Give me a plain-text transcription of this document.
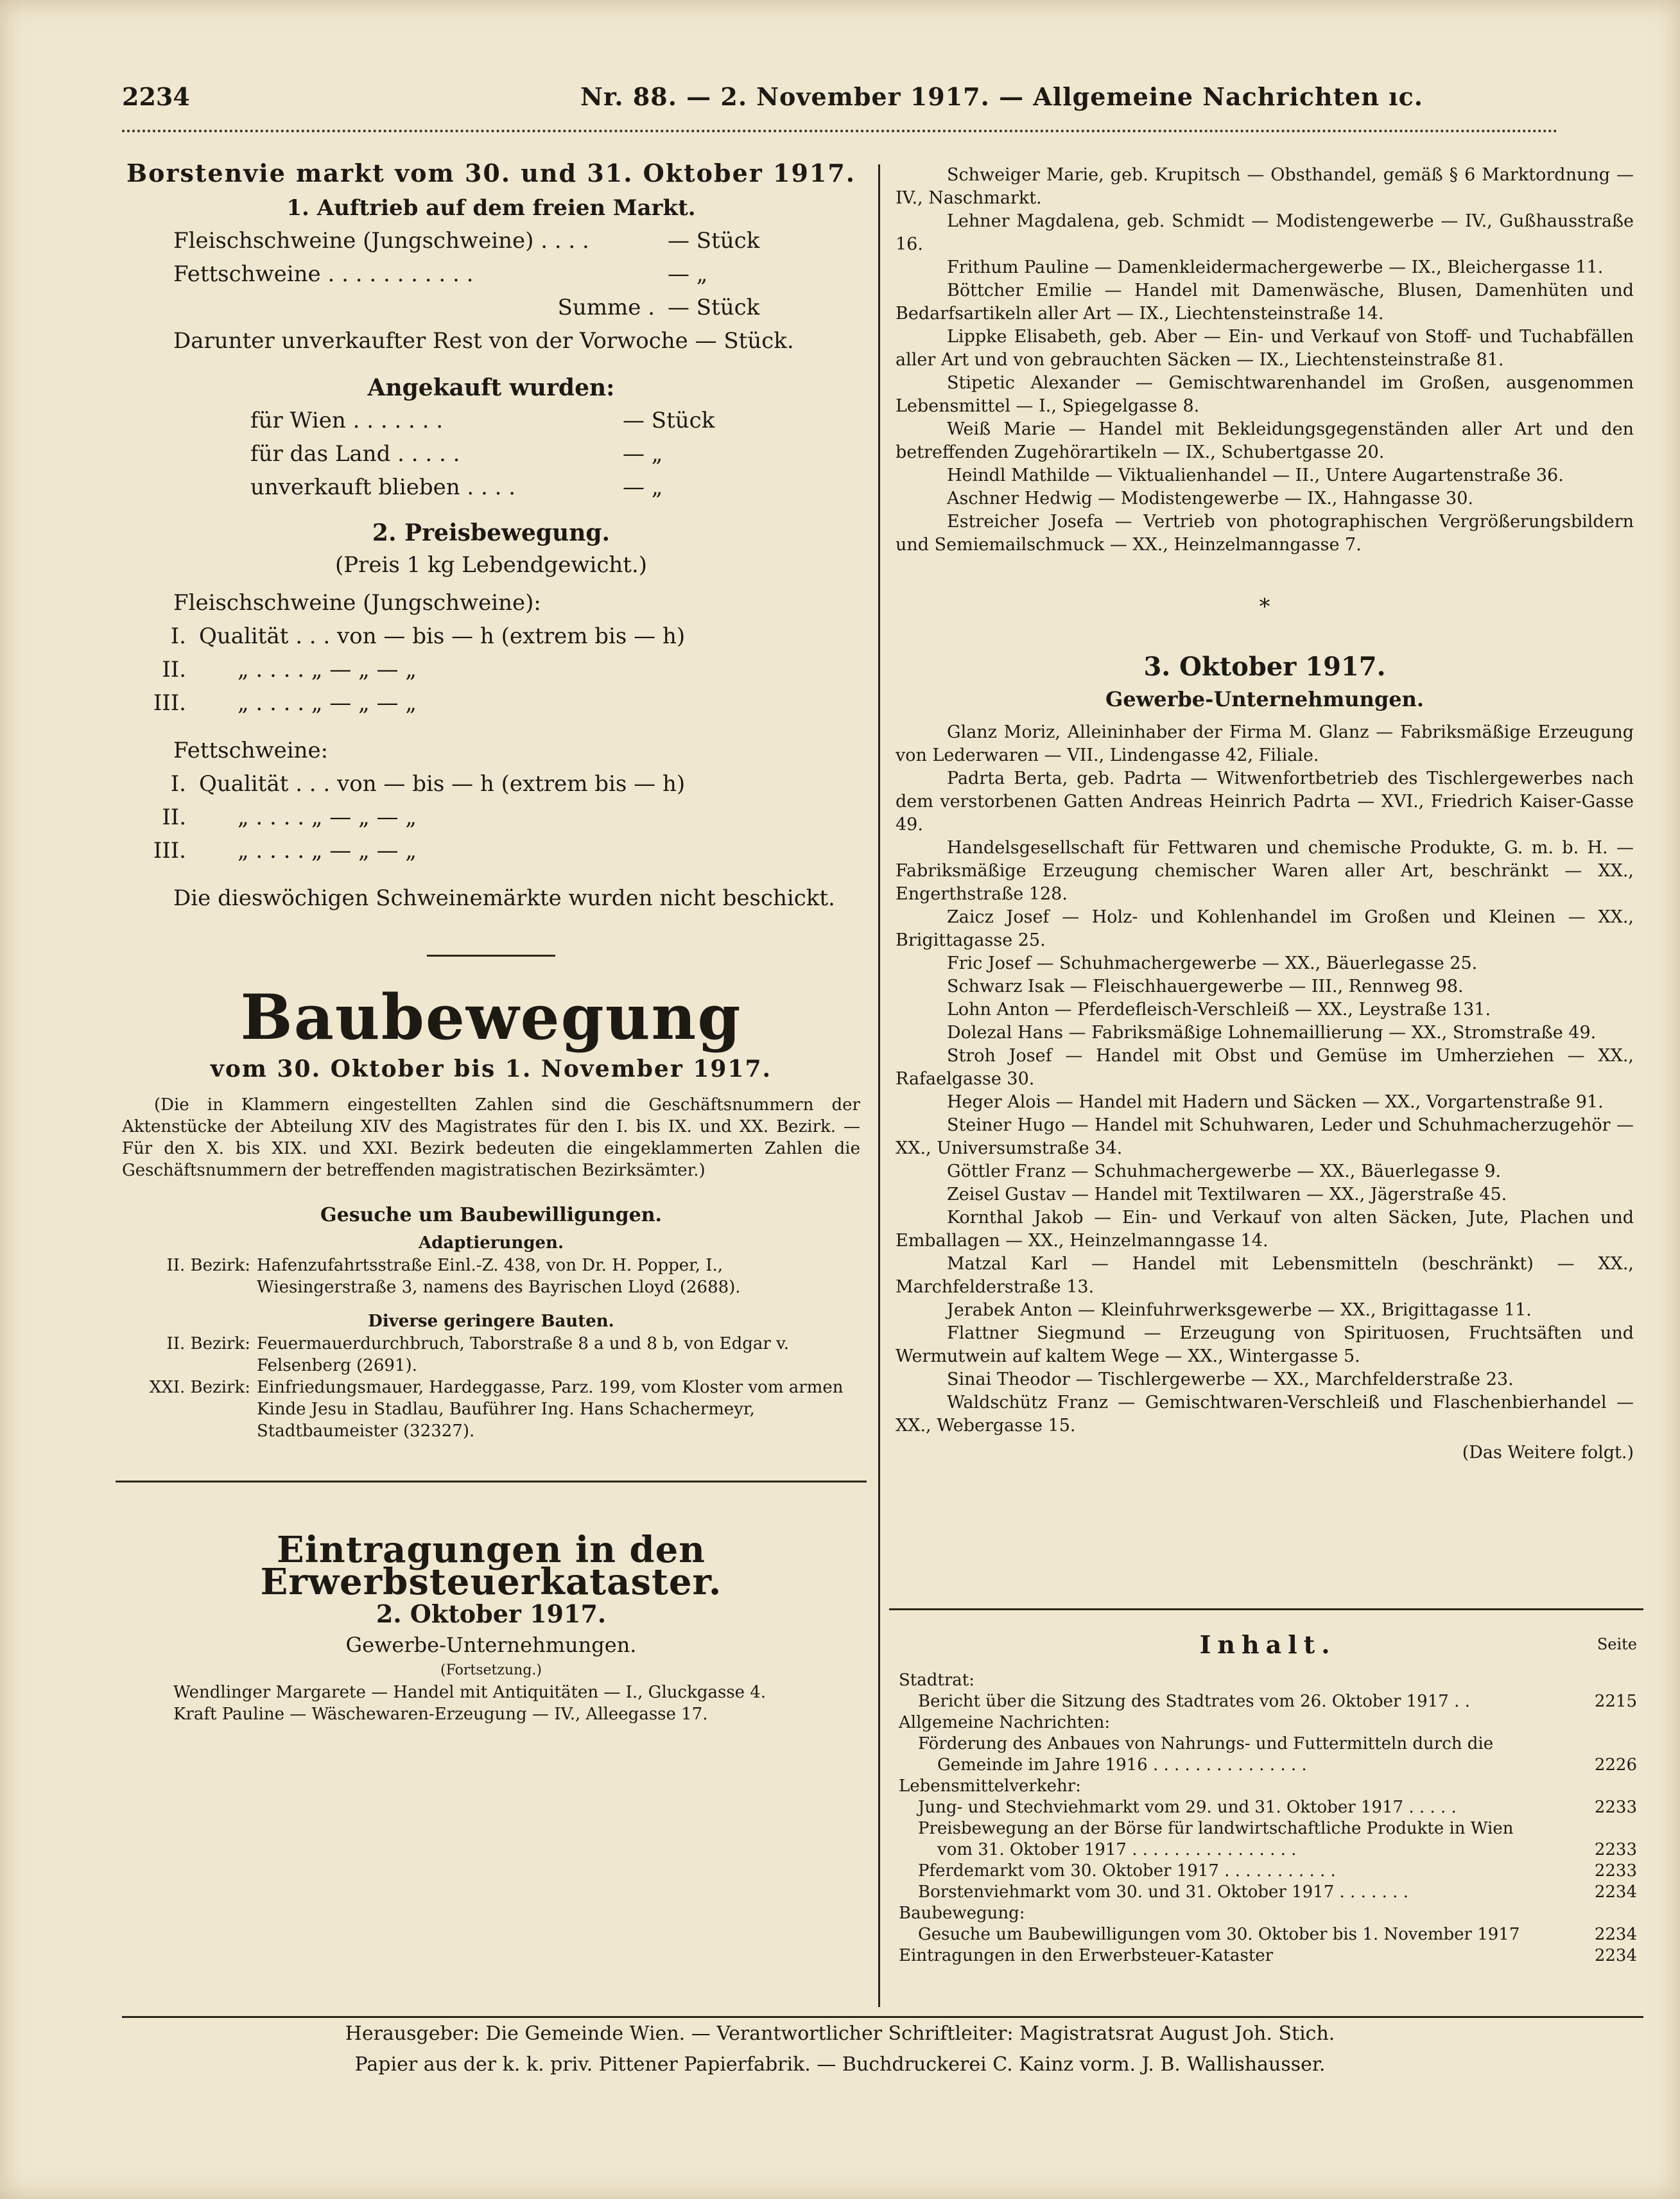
2234	Nr. 88. — 2. November 1917. — Allgemeine Nachrichten ıc.
Borstenvie markt vom 30. und 31. Oktober 1917.
1. Auftrieb auf dem freien Markt.
Fleischschweine (Jungschweine) . . . .	— Stück
Fettschweine . . . . . . . . . . .	— „
Summe . — Stück
Darunter unverkaufter Rest von der Vorwoche — Stück.
Angekauft wurden:
für Wien . . . . . . .	— Stück
für das Land . . . . .	— „
unverkauft blieben . . . .	— „
2. Preisbewegung.
(Preis 1 kg Lebendgewicht.)
Fleischschweine (Jungschweine):
I. Qualität . . . von — bis — h (extrem bis — h)
II.	„ . . . . „ — „ — „
III.	„ . . . . „ — „ — „
Fettschweine:
I. Qualität . . . von — bis — h (extrem bis — h)
II.	„ . . . . „ — „ — „
III.	„ . . . . „ — „ — „
Die dieswöchigen Schweinemärkte wurden nicht beschickt.
Baubewegung
vom 30. Oktober bis 1. November 1917.

(Die in Klammern eingestellten Zahlen sind die Geschäftsnummern der Aktenstücke der Abteilung XIV des Magistrates für den I. bis IX. und XX. Bezirk. — Für den X. bis XIX. und XXI. Bezirk bedeuten die eingeklammerten Zahlen die Geschäftsnummern der betreffenden magistratischen Bezirksämter.)

Gesuche um Baubewilligungen.
Adaptierungen.
II. Bezirk: Hafenzufahrtsstraße Einl.-Z. 438, von Dr. H. Popper, I., Wiesingerstraße 3, namens des Bayrischen Lloyd (2688).
Diverse geringere Bauten.
II. Bezirk: Feuermauerdurchbruch, Taborstraße 8 a und 8 b, von Edgar v. Felsenberg (2691).
XXI. Bezirk: Einfriedungsmauer, Hardeggasse, Parz. 199, vom Kloster vom armen Kinde Jesu in Stadlau, Bauführer Ing. Hans Schachermeyr, Stadtbaumeister (32327).
Eintragungen in den Erwerbsteuerkataster.
2. Oktober 1917.
Gewerbe-Unternehmungen.
(Fortsetzung.)

Wendlinger Margarete — Handel mit Antiquitäten — I., Gluckgasse 4.

Kraft Pauline — Wäschewaren-Erzeugung — IV., Alleegasse 17.

Schweiger Marie, geb. Krupitsch — Obsthandel, gemäß § 6 Marktordnung — IV., Naschmarkt.

Lehner Magdalena, geb. Schmidt — Modistengewerbe — IV., Gußhausstraße 16.

Frithum Pauline — Damenkleidermachergewerbe — IX., Bleichergasse 11.

Böttcher Emilie — Handel mit Damenwäsche, Blusen, Damenhüten und Bedarfsartikeln aller Art — IX., Liechtensteinstraße 14.

Lippke Elisabeth, geb. Aber — Ein- und Verkauf von Stoff- und Tuchabfällen aller Art und von gebrauchten Säcken — IX., Liechtensteinstraße 81.

Stipetic Alexander — Gemischtwarenhandel im Großen, ausgenommen Lebensmittel — I., Spiegelgasse 8.

Weiß Marie — Handel mit Bekleidungsgegenständen aller Art und den betreffenden Zugehörartikeln — IX., Schubertgasse 20.

Heindl Mathilde — Viktualienhandel — II., Untere Augartenstraße 36.

Aschner Hedwig — Modistengewerbe — IX., Hahngasse 30.

Estreicher Josefa — Vertrieb von photographischen Vergrößerungsbildern und Semiemailschmuck — XX., Heinzelmanngasse 7.

*
3. Oktober 1917.
Gewerbe-Unternehmungen.

Glanz Moriz, Alleininhaber der Firma M. Glanz — Fabriksmäßige Erzeugung von Lederwaren — VII., Lindengasse 42, Filiale.

Padrta Berta, geb. Padrta — Witwenfortbetrieb des Tischlergewerbes nach dem verstorbenen Gatten Andreas Heinrich Padrta — XVI., Friedrich Kaiser-Gasse 49.

Handelsgesellschaft für Fettwaren und chemische Produkte, G. m. b. H. — Fabriksmäßige Erzeugung chemischer Waren aller Art, beschränkt — XX., Engerthstraße 128.

Zaicz Josef — Holz- und Kohlenhandel im Großen und Kleinen — XX., Brigittagasse 25.

Fric Josef — Schuhmachergewerbe — XX., Bäuerlegasse 25.

Schwarz Isak — Fleischhauergewerbe — III., Rennweg 98.

Lohn Anton — Pferdefleisch-Verschleiß — XX., Leystraße 131.

Dolezal Hans — Fabriksmäßige Lohnemaillierung — XX., Stromstraße 49.

Stroh Josef — Handel mit Obst und Gemüse im Umherziehen — XX., Rafaelgasse 30.

Heger Alois — Handel mit Hadern und Säcken — XX., Vorgartenstraße 91.

Steiner Hugo — Handel mit Schuhwaren, Leder und Schuhmacherzugehör — XX., Universumstraße 34.

Göttler Franz — Schuhmachergewerbe — XX., Bäuerlegasse 9.

Zeisel Gustav — Handel mit Textilwaren — XX., Jägerstraße 45.

Kornthal Jakob — Ein- und Verkauf von alten Säcken, Jute, Plachen und Emballagen — XX., Heinzelmanngasse 14.

Matzal Karl — Handel mit Lebensmitteln (beschränkt) — XX., Marchfelderstraße 13.

Jerabek Anton — Kleinfuhrwerksgewerbe — XX., Brigittagasse 11.

Flattner Siegmund — Erzeugung von Spirituosen, Fruchtsäften und Wermutwein auf kaltem Wege — XX., Wintergasse 5.

Sinai Theodor — Tischlergewerbe — XX., Marchfelderstraße 23.

Waldschütz Franz — Gemischtwaren-Verschleiß und Flaschenbierhandel — XX., Webergasse 15.

(Das Weitere folgt.)
Inhalt.	Seite
Stadtrat:
Bericht über die Sitzung des Stadtrates vom 26. Oktober 1917 . .	2215
Allgemeine Nachrichten:
Förderung des Anbaues von Nahrungs- und Futtermitteln durch die
Gemeinde im Jahre 1916 . . . . . . . . . . . . . . .	2226
Lebensmittelverkehr:
Jung- und Stechviehmarkt vom 29. und 31. Oktober 1917 . . . . .	2233
Preisbewegung an der Börse für landwirtschaftliche Produkte in Wien
vom 31. Oktober 1917 . . . . . . . . . . . . . . . .	2233
Pferdemarkt vom 30. Oktober 1917 . . . . . . . . . . .	2233
Borstenviehmarkt vom 30. und 31. Oktober 1917 . . . . . . .	2234
Baubewegung:
Gesuche um Baubewilligungen vom 30. Oktober bis 1. November 1917	2234
Eintragungen in den Erwerbsteuer-Kataster	2234
Herausgeber: Die Gemeinde Wien. — Verantwortlicher Schriftleiter: Magistratsrat August Joh. Stich.
Papier aus der k. k. priv. Pittener Papierfabrik. — Buchdruckerei C. Kainz vorm. J. B. Wallishausser.
